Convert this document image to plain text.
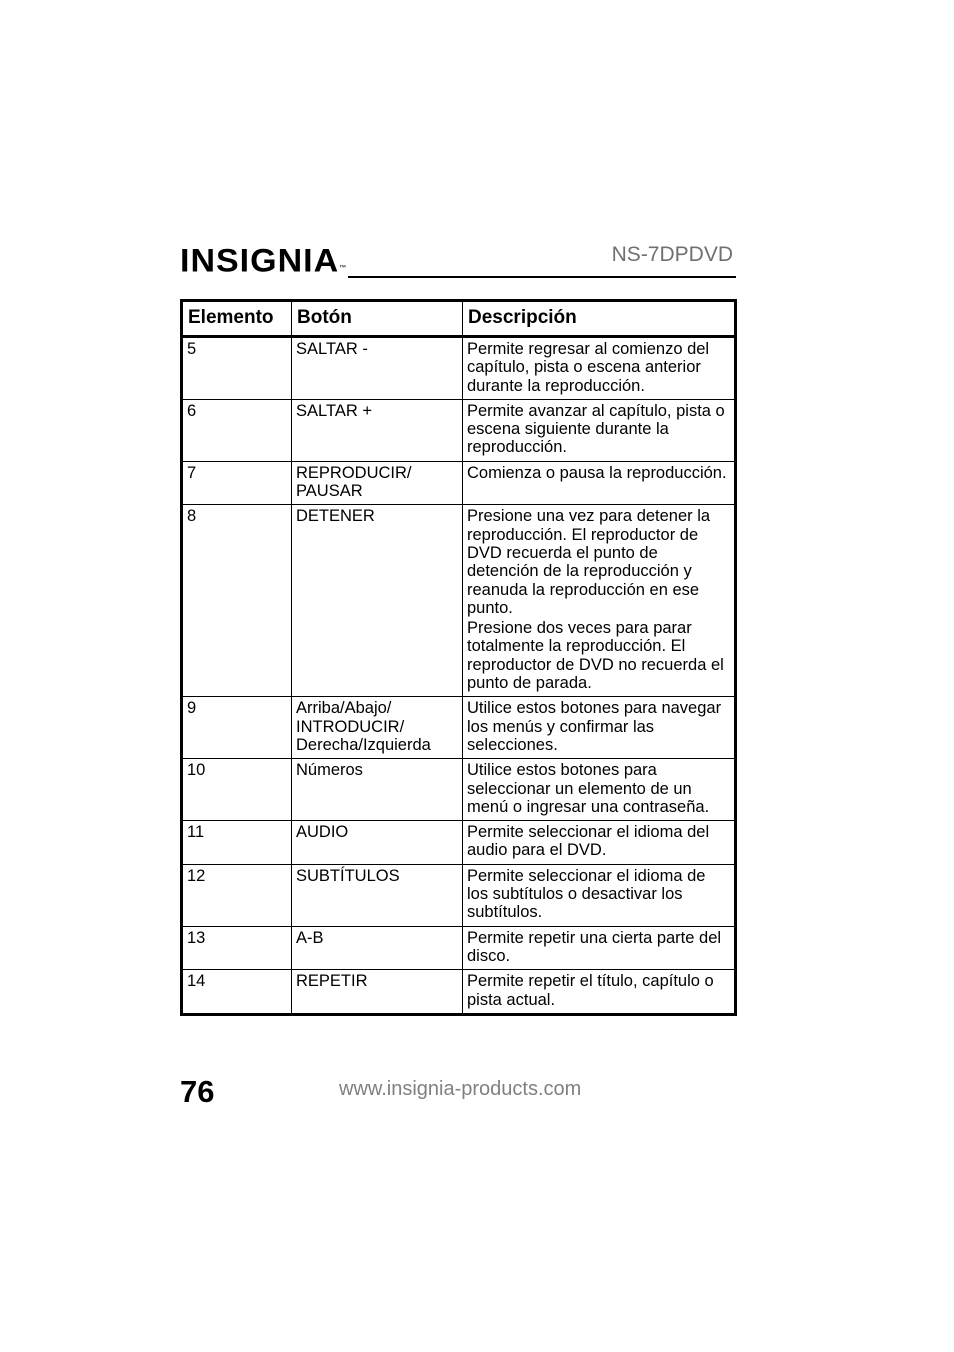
INSIGNIA™
NS-7DPDVD
Elemento	Botón	Descripción
5	SALTAR -	Permite regresar al comienzo del capítulo, pista o escena anterior durante la reproducción.

6	SALTAR +	Permite avanzar al capítulo, pista o escena siguiente durante la reproducción.

7	REPRODUCIR/ PAUSAR	Comienza o pausa la reproducción.

8	DETENER	Presione una vez para detener la reproducción. El reproductor de DVD recuerda el punto de detención de la reproducción y reanuda la reproducción en ese punto.
Presione dos veces para parar totalmente la reproducción. El reproductor de DVD no recuerda el punto de parada.

9	Arriba/Abajo/ INTRODUCIR/ Derecha/Izquierda	Utilice estos botones para navegar los menús y confirmar las selecciones.

10	Números	Utilice estos botones para seleccionar un elemento de un menú o ingresar una contraseña.

11	AUDIO	Permite seleccionar el idioma del audio para el DVD.

12	SUBTÍTULOS	Permite seleccionar el idioma de los subtítulos o desactivar los subtítulos.

13	A-B	Permite repetir una cierta parte del disco.

14	REPETIR	Permite repetir el título, capítulo o pista actual.
76	www.insignia-products.com
